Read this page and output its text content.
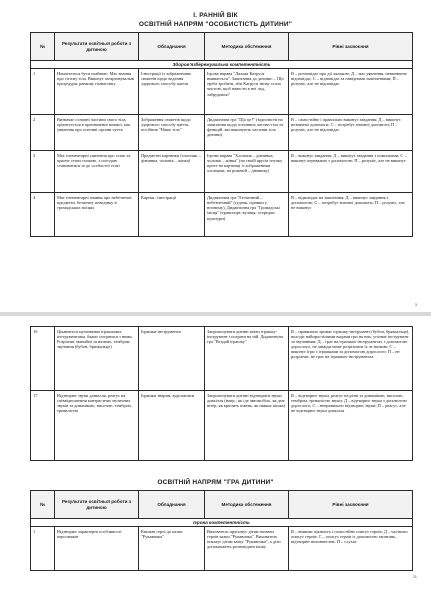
І. РАННІЙ ВІК
ОСВІТНІЙ НАПРЯМ "ОСОБИСТІСТЬ ДИТИНИ"
№	Результати освітньої роботи з дитиною	Обладнання	Методика обстеження	Рівні засвоєння
Здоров'язбережувальна компетентність				
1	Намагається бути охайною. Має знання про гігієну тіла. Виконує загартовувальні процедури, ранкову гімнастику	Ілюстрації із зображенням сюжетів щодо ведення здорового способу життя	Ігрова вправа "Лялька Катруся вмивається". Запитання до дитини: – Що треба зробити, аби Катруся знову стала чистою, щоб навести в неї лад, забрудився?	В – розповідає про дії лялькою; Д – має уявлення, невпевнено відповідає; С – відповідає за навідними запитаннями; П – розуміє, але не відповідає
2	Визначає основні частини свого тіла, орієнтується в призначенні кожної, має уявлення про основні органи чуття	Зображення сюжетів щодо здорового способу життя, посібник "Наше тіло"	Дидактична гра "Що це?" (відповісти на запитання щодо основних частин тіла та функцій, які виконують частини тіла дитини)	В – самостійно і правильно виконує завдання; Д – виконує незначної допомоги; С – потребує значної допомоги; П – розуміє, але не відповідає
3	Має елементарні уявлення про стать та прагне стати схожою, з погодою становитися за до особистої статі	Предметні картинки (хлопчик – дівчинка, чоловік – жінка)	Ігрова вправа "Хлопчик – дівчинка, чоловік – жінка" (на своїй ярусів гнучку проте на картинці із зображенням хлопчика, на рожевій – дівчинку)	В – виконує завдання; Д – виконує завдання з помилками; С – виконує переважно з допомогою; П – розуміє, але не виконує
4	Має елементарні знання про небезпечні предмети, безпечну поведінку в громадських місцях	Картки, ілюстрації	Дидактична гра "Безпечний – небезпечний" (ґудзик, сірники у ночному), Дидактична гра "Громадські місця" (транспорт, вулиця, осередки культури)	В – відповідає на запитання; Д – виконує завдання з допомогою; С – потребує значної допомоги; П – розуміє, але не виконує
3
16	Цікавиться музичними іграшками-інструментами, бажає погратися з ними. Розрізняє звичайні за назвою, тембром звучання (бубон, брязкальце)	Іграшки-інструменти	Запропонувати дитині взяти іграшку-інструмент і пограти на ній. Дидактична гра "Вгадай іграшку"	В – правильно тримає іграшку-інструмент (бубон, брязкальце), володіє найпростішими видами гри на них, упізнає інструмент за звучанням; Д – грає на іграшках-інструментах з допомогою дорослого, не завжди може розрізнити їх за назвою; С – виконує ігри з іграшками за допомогою дорослого; П – не розрізняє, не грає на іграшках-інструментах
17	Відтворює звуки довкілля, реагує на співвідношення контрастних музичних звуків за динамікою, висотою, тембром, тривалістю	Іграшки тварин, аудіозаписи	Запропонувати дитині відтворити звуки довкілля (напр.: як іде автомобіль, як дме вітер, як кричить півень, як нявкає кішка)	В – відтворює звуки, реагує на різні за динамікою, висотою, тембром, тривалістю звуки; Д – відтворює звуки з допомогою дорослого; С – неправильно відтворює звуки; П – реагує, але не відтворює звуки довкілля
ОСВІТНІЙ НАПРЯМ "ГРА ДИТИНИ"
№	Результати освітньої роботи з дитиною	Обладнання	Методика обстеження	Рівні засвоєння
Ігрова компетентність				
1	Відтворює характерні особливості персонажів	Книжні герої до казки "Рукавичка"	Вихователь пропонує дітям назвати героїв казки "Рукавичка". Вихователь показує дітям казку "Рукавичка", а діти допомагають розповідати казку	В – виявляє цікавість і самостійно описує героїв; Д – частково описує героїв; С – описує героїв із допомогою запитань, відтворює вихователем; П – слухає
11
